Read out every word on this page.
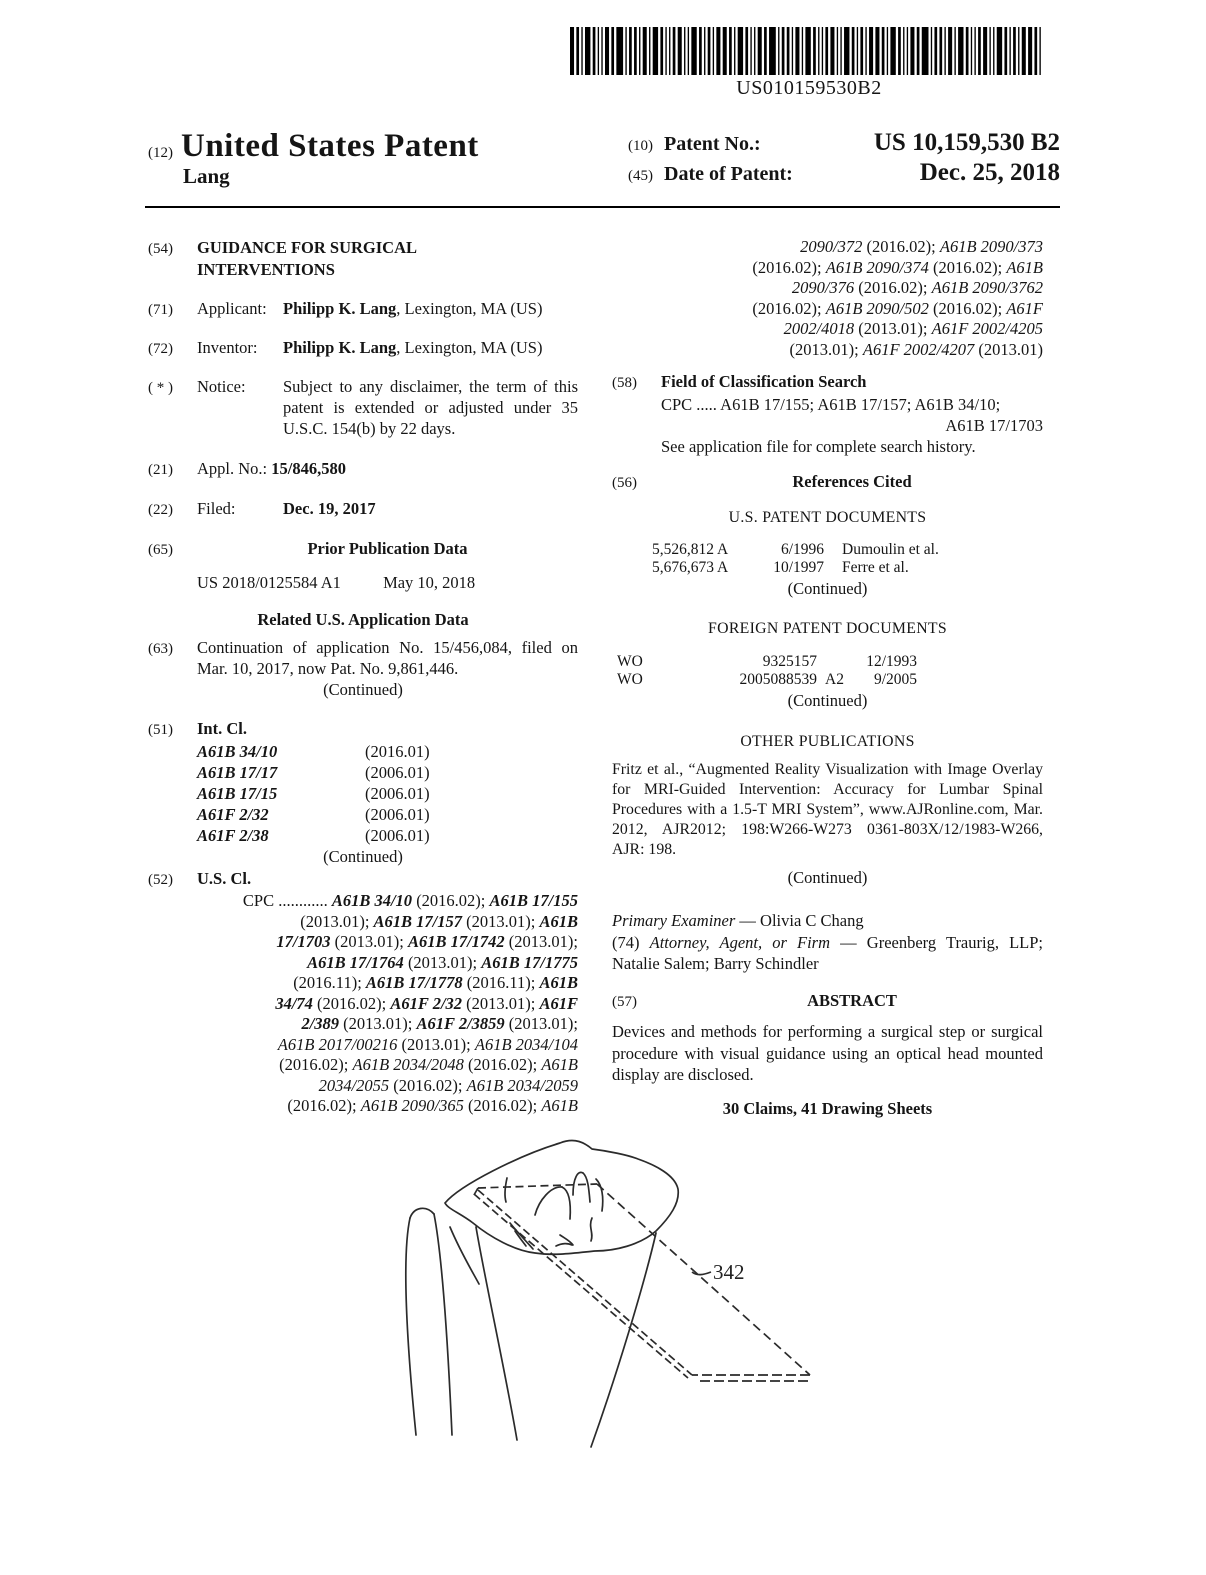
US010159530B2
(12) United States Patent
Lang
(10) Patent No.:	US 10,159,530 B2
(45) Date of Patent:	Dec. 25, 2018
(54)	GUIDANCE FOR SURGICAL INTERVENTIONS
(71)	Applicant: Philipp K. Lang, Lexington, MA (US)
(72)	Inventor: Philipp K. Lang, Lexington, MA (US)
( * )	Notice:	Subject to any disclaimer, the term of this patent is extended or adjusted under 35 U.S.C. 154(b) by 22 days.
(21)	Appl. No.: 15/846,580
(22)	Filed:	Dec. 19, 2017
(65)	Prior Publication Data
US 2018/0125584 A1	May 10, 2018
Related U.S. Application Data
(63)	Continuation of application No. 15/456,084, filed on Mar. 10, 2017, now Pat. No. 9,861,446.
(Continued)
(51)	Int. Cl.
A61B 34/10	(2016.01)
A61B 17/17	(2006.01)
A61B 17/15	(2006.01)
A61F 2/32	(2006.01)
A61F 2/38	(2006.01)
(Continued)
(52)	U.S. Cl.
CPC ............ A61B 34/10 (2016.02); A61B 17/155
(2013.01); A61B 17/157 (2013.01); A61B
17/1703 (2013.01); A61B 17/1742 (2013.01);
A61B 17/1764 (2013.01); A61B 17/1775
(2016.11); A61B 17/1778 (2016.11); A61B
34/74 (2016.02); A61F 2/32 (2013.01); A61F
2/389 (2013.01); A61F 2/3859 (2013.01);
A61B 2017/00216 (2013.01); A61B 2034/104
(2016.02); A61B 2034/2048 (2016.02); A61B
2034/2055 (2016.02); A61B 2034/2059
(2016.02); A61B 2090/365 (2016.02); A61B
2090/372 (2016.02); A61B 2090/373
(2016.02); A61B 2090/374 (2016.02); A61B
2090/376 (2016.02); A61B 2090/3762
(2016.02); A61B 2090/502 (2016.02); A61F
2002/4018 (2013.01); A61F 2002/4205
(2013.01); A61F 2002/4207 (2013.01)
(58)	Field of Classification Search
CPC ..... A61B 17/155; A61B 17/157; A61B 34/10;
A61B 17/1703
See application file for complete search history.
(56)	References Cited
U.S. PATENT DOCUMENTS
5,526,812 A	6/1996 Dumoulin et al.
5,676,673 A	10/1997 Ferre et al.
(Continued)
FOREIGN PATENT DOCUMENTS
WO	9325157	12/1993
WO	2005088539 A2	9/2005
(Continued)
OTHER PUBLICATIONS
Fritz et al., “Augmented Reality Visualization with Image Overlay for MRI-Guided Intervention: Accuracy for Lumbar Spinal Procedures with a 1.5-T MRI System”, www.AJRonline.com, Mar. 2012, AJR2012; 198:W266-W273 0361-803X/12/1983-W266, AJR: 198.
(Continued)
Primary Examiner — Olivia C Chang
(74) Attorney, Agent, or Firm — Greenberg Traurig, LLP; Natalie Salem; Barry Schindler
(57)	ABSTRACT
Devices and methods for performing a surgical step or surgical procedure with visual guidance using an optical head mounted display are disclosed.
30 Claims, 41 Drawing Sheets
342
